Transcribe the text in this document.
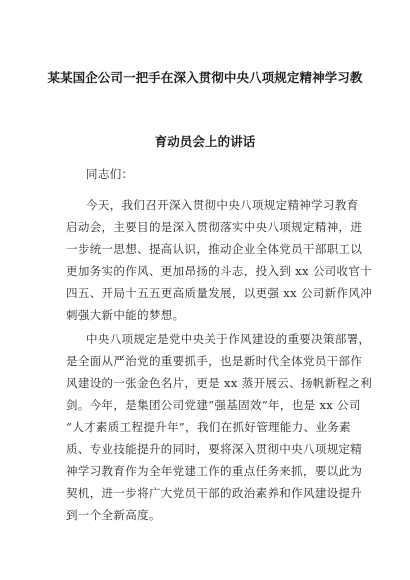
某某国企公司一把手在深入贯彻中央八项规定精神学习教
育动员会上的讲话
同志们：
今天，我们召开深入贯彻中央八项规定精神学习教育
启动会，主要目的是深入贯彻落实中央八项规定精神，进
一步统一思想、提高认识，推动企业全体党员干部职工以
更加务实的作风、更加昂扬的斗志，投入到 xx 公司收官十
四五、开局十五五更高质量发展，以更强 xx 公司新作风冲
刺强大新中能的梦想。
中央八项规定是党中央关于作风建设的重要决策部署，
是全面从严治党的重要抓手，也是新时代全体党员干部作
风建设的一张金色名片，更是 xx 蒸开展云、扬帆新程之利
剑。今年，是集团公司党建“强基固效”年，也是 xx 公司
“人才素质工程提升年”，我们在抓好管理能力、业务素
质、专业技能提升的同时，要将深入贯彻中央八项规定精
神学习教育作为全年党建工作的重点任务来抓，要以此为
契机，进一步将广大党员干部的政治素养和作风建设提升
到一个全新高度。
